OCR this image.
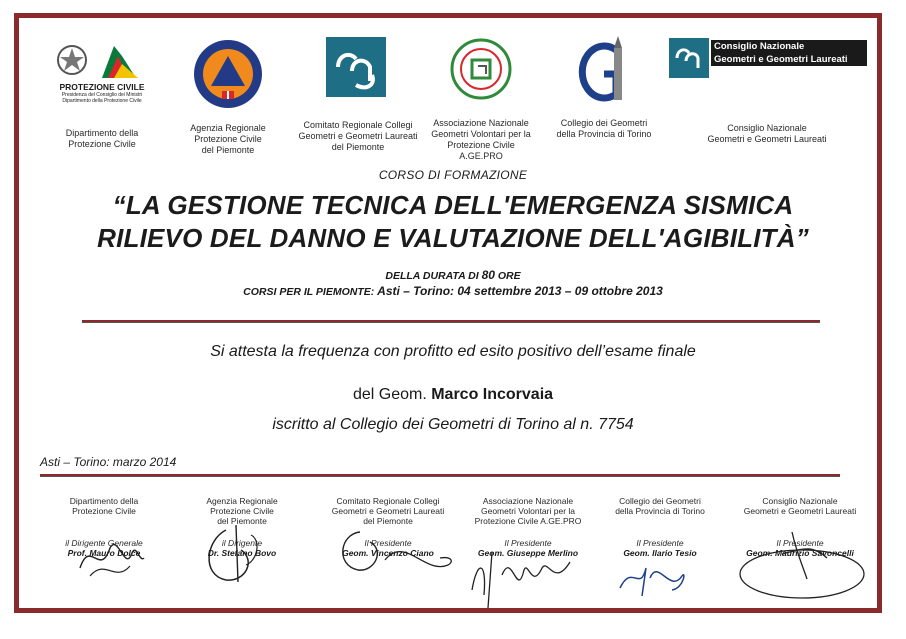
PROTEZIONE CIVILE
Presidenza del Consiglio dei Ministri
Dipartimento della Protezione Civile
Dipartimento della
Protezione Civile
Agenzia Regionale
Protezione Civile
del Piemonte
Comitato Regionale Collegi
Geometri e Geometri Laureati
del Piemonte
Associazione Nazionale
Geometri Volontari per la
Protezione Civile
A.GE.PRO
Collegio dei Geometri
della Provincia di Torino
Consiglio Nazionale
Geometri e Geometri Laureati
Consiglio Nazionale
Geometri e Geometri Laureati
CORSO DI FORMAZIONE
“LA GESTIONE TECNICA DELL'EMERGENZA SISMICA
RILIEVO DEL DANNO E VALUTAZIONE DELL'AGIBILITÀ”
DELLA DURATA DI 80 ORE
CORSI PER IL PIEMONTE: Asti – Torino: 04 settembre 2013 – 09 ottobre 2013
Si attesta la frequenza con profitto ed esito positivo dell’esame finale
del Geom. Marco Incorvaia
iscritto al Collegio dei Geometri di Torino al n. 7754
Asti – Torino: marzo 2014
Dipartimento della
Protezione Civile
il Dirigente Generale
Prof. Mauro Dolce
Agenzia Regionale
Protezione Civile
del Piemonte
il Dirigente
Dr. Stefano Bovo
Comitato Regionale Collegi
Geometri e Geometri Laureati
del Piemonte
Il Presidente
Geom. Vincenzo Ciano
Associazione Nazionale
Geometri Volontari per la
Protezione Civile A.GE.PRO
Il Presidente
Geom. Giuseppe Merlino
Collegio dei Geometri
della Provincia di Torino
Il Presidente
Geom. Ilario Tesio
Consiglio Nazionale
Geometri e Geometri Laureati
Il Presidente
Geom. Maurizio Savoncelli
